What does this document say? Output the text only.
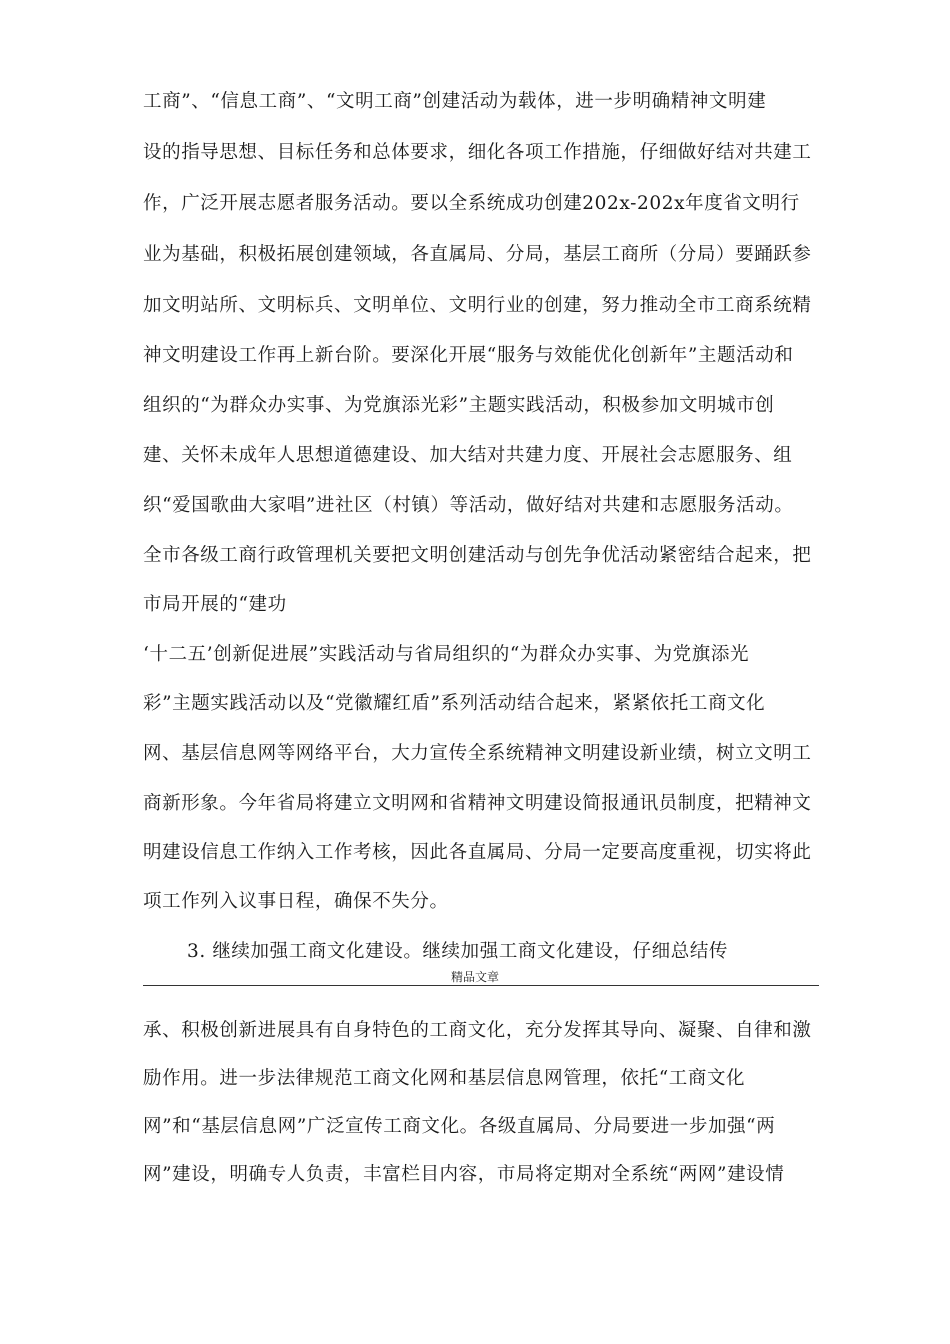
工商”、“信息工商”、“文明工商”创建活动为载体，进一步明确精神文明建
设的指导思想、目标任务和总体要求，细化各项工作措施，仔细做好结对共建工
作，广泛开展志愿者服务活动。要以全系统成功创建202x-202x年度省文明行
业为基础，积极拓展创建领域，各直属局、分局，基层工商所（分局）要踊跃参
加文明站所、文明标兵、文明单位、文明行业的创建，努力推动全市工商系统精
神文明建设工作再上新台阶。要深化开展“服务与效能优化创新年”主题活动和
组织的“为群众办实事、为党旗添光彩”主题实践活动，积极参加文明城市创
建、关怀未成年人思想道德建设、加大结对共建力度、开展社会志愿服务、组
织“爱国歌曲大家唱”进社区（村镇）等活动，做好结对共建和志愿服务活动。
全市各级工商行政管理机关要把文明创建活动与创先争优活动紧密结合起来，把
市局开展的“建功
‘十二五’创新促进展”实践活动与省局组织的“为群众办实事、为党旗添光
彩”主题实践活动以及“党徽耀红盾”系列活动结合起来，紧紧依托工商文化
网、基层信息网等网络平台，大力宣传全系统精神文明建设新业绩，树立文明工
商新形象。今年省局将建立文明网和省精神文明建设简报通讯员制度，把精神文
明建设信息工作纳入工作考核，因此各直属局、分局一定要高度重视，切实将此
项工作列入议事日程，确保不失分。
3. 继续加强工商文化建设。继续加强工商文化建设，仔细总结传
精品文章
承、积极创新进展具有自身特色的工商文化，充分发挥其导向、凝聚、自律和激
励作用。进一步法律规范工商文化网和基层信息网管理，依托“工商文化
网”和“基层信息网”广泛宣传工商文化。各级直属局、分局要进一步加强“两
网”建设，明确专人负责，丰富栏目内容，市局将定期对全系统“两网”建设情
